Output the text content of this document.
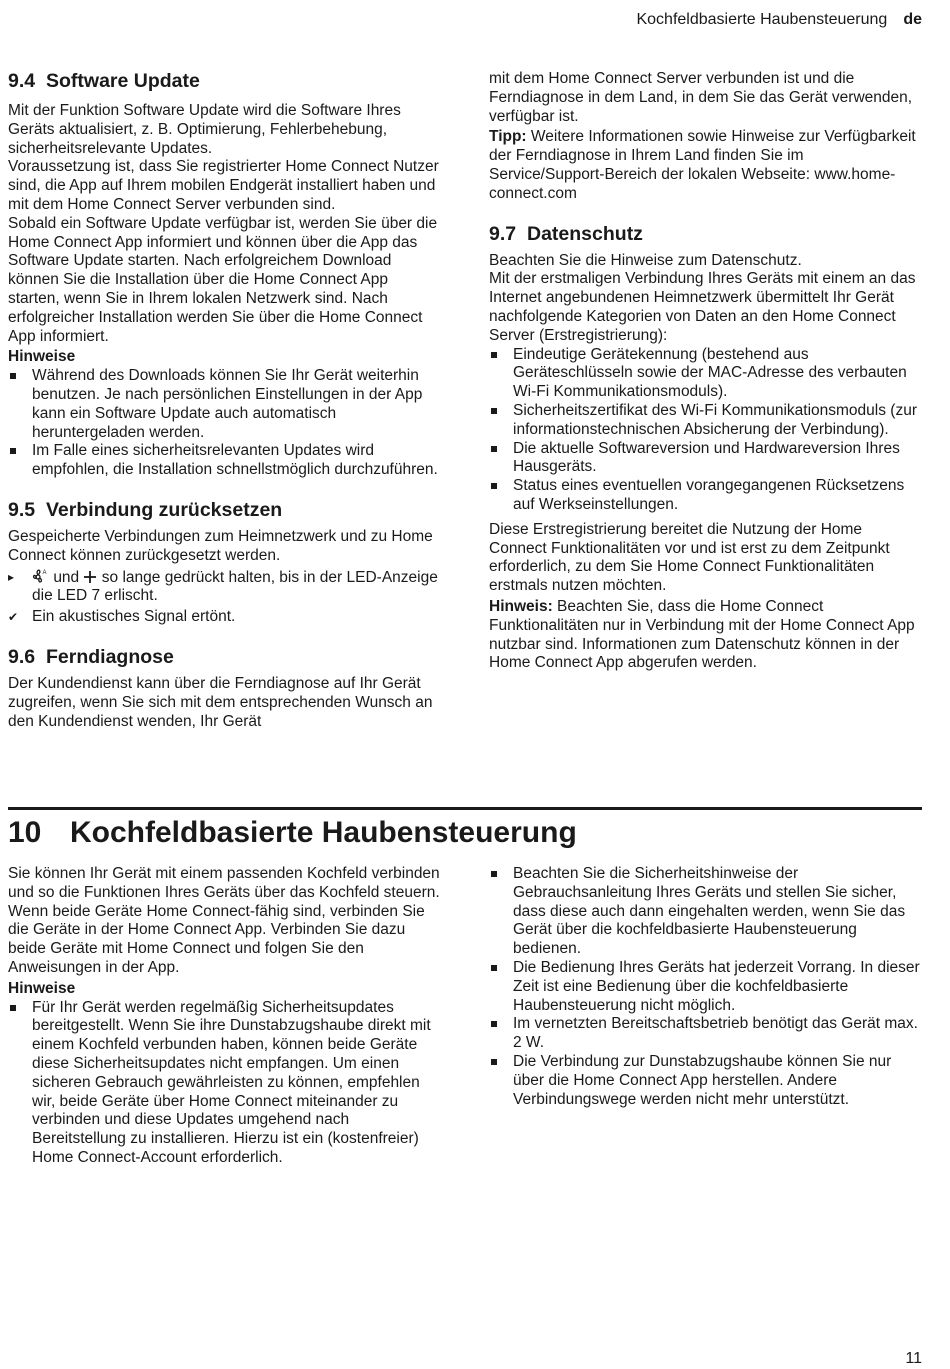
Kochfeldbasierte Haubensteuerung de
9.4 Software Update

Mit der Funktion Software Update wird die Software Ihres Geräts aktualisiert, z. B. Optimierung, Fehlerbehebung, sicherheitsrelevante Updates.

Voraussetzung ist, dass Sie registrierter Home Connect Nutzer sind, die App auf Ihrem mobilen Endgerät installiert haben und mit dem Home Connect Server verbunden sind.

Sobald ein Software Update verfügbar ist, werden Sie über die Home Connect App informiert und können über die App das Software Update starten. Nach erfolgreichem Download können Sie die Installation über die Home Connect App starten, wenn Sie in Ihrem lokalen Netzwerk sind. Nach erfolgreicher Installation werden Sie über die Home Connect App informiert.

Hinweise

Während des Downloads können Sie Ihr Gerät weiterhin benutzen. Je nach persönlichen Einstellungen in der App kann ein Software Update auch automatisch heruntergeladen werden.
Im Falle eines sicherheitsrelevanten Updates wird empfohlen, die Installation schnellstmöglich durchzuführen.
9.5 Verbindung zurücksetzen

Gespeicherte Verbindungen zum Heimnetzwerk und zu Home Connect können zurückgesetzt werden.

▸	A und  so lange gedrückt halten, bis in der LED-Anzeige die LED 7 erlischt.
✔ Ein akustisches Signal ertönt.
9.6 Ferndiagnose

Der Kundendienst kann über die Ferndiagnose auf Ihr Gerät zugreifen, wenn Sie sich mit dem entsprechenden Wunsch an den Kundendienst wenden, Ihr Gerät

mit dem Home Connect Server verbunden ist und die Ferndiagnose in dem Land, in dem Sie das Gerät verwenden, verfügbar ist.

Tipp: Weitere Informationen sowie Hinweise zur Verfügbarkeit der Ferndiagnose in Ihrem Land finden Sie im Service/Support-Bereich der lokalen Webseite: www.home-connect.com

9.7 Datenschutz

Beachten Sie die Hinweise zum Datenschutz.

Mit der erstmaligen Verbindung Ihres Geräts mit einem an das Internet angebundenen Heimnetzwerk übermittelt Ihr Gerät nachfolgende Kategorien von Daten an den Home Connect Server (Erstregistrierung):

Eindeutige Gerätekennung (bestehend aus Geräteschlüsseln sowie der MAC-Adresse des verbauten Wi-Fi Kommunikationsmoduls).
Sicherheitszertifikat des Wi-Fi Kommunikationsmoduls (zur informationstechnischen Absicherung der Verbindung).
Die aktuelle Softwareversion und Hardwareversion Ihres Hausgeräts.
Status eines eventuellen vorangegangenen Rücksetzens auf Werkseinstellungen.

Diese Erstregistrierung bereitet die Nutzung der Home Connect Funktionalitäten vor und ist erst zu dem Zeitpunkt erforderlich, zu dem Sie Home Connect Funktionalitäten erstmals nutzen möchten.

Hinweis: Beachten Sie, dass die Home Connect Funktionalitäten nur in Verbindung mit der Home Connect App nutzbar sind. Informationen zum Datenschutz können in der Home Connect App abgerufen werden.

10 Kochfeldbasierte Haubensteuerung

Sie können Ihr Gerät mit einem passenden Kochfeld verbinden und so die Funktionen Ihres Geräts über das Kochfeld steuern.

Wenn beide Geräte Home Connect-fähig sind, verbinden Sie die Geräte in der Home Connect App. Verbinden Sie dazu beide Geräte mit Home Connect und folgen Sie den Anweisungen in der App.

Hinweise

Für Ihr Gerät werden regelmäßig Sicherheitsupdates bereitgestellt. Wenn Sie ihre Dunstabzugshaube direkt mit einem Kochfeld verbunden haben, können beide Geräte diese Sicherheitsupdates nicht empfangen. Um einen sicheren Gebrauch gewährleisten zu können, empfehlen wir, beide Geräte über Home Connect miteinander zu verbinden und diese Updates umgehend nach Bereitstellung zu installieren. Hierzu ist ein (kostenfreier) Home Connect-Account erforderlich.
Beachten Sie die Sicherheitshinweise der Gebrauchsanleitung Ihres Geräts und stellen Sie sicher, dass diese auch dann eingehalten werden, wenn Sie das Gerät über die kochfeldbasierte Haubensteuerung bedienen.
Die Bedienung Ihres Geräts hat jederzeit Vorrang. In dieser Zeit ist eine Bedienung über die kochfeldbasierte Haubensteuerung nicht möglich.
Im vernetzten Bereitschaftsbetrieb benötigt das Gerät max. 2 W.
Die Verbindung zur Dunstabzugshaube können Sie nur über die Home Connect App herstellen. Andere Verbindungswege werden nicht mehr unterstützt.
11
